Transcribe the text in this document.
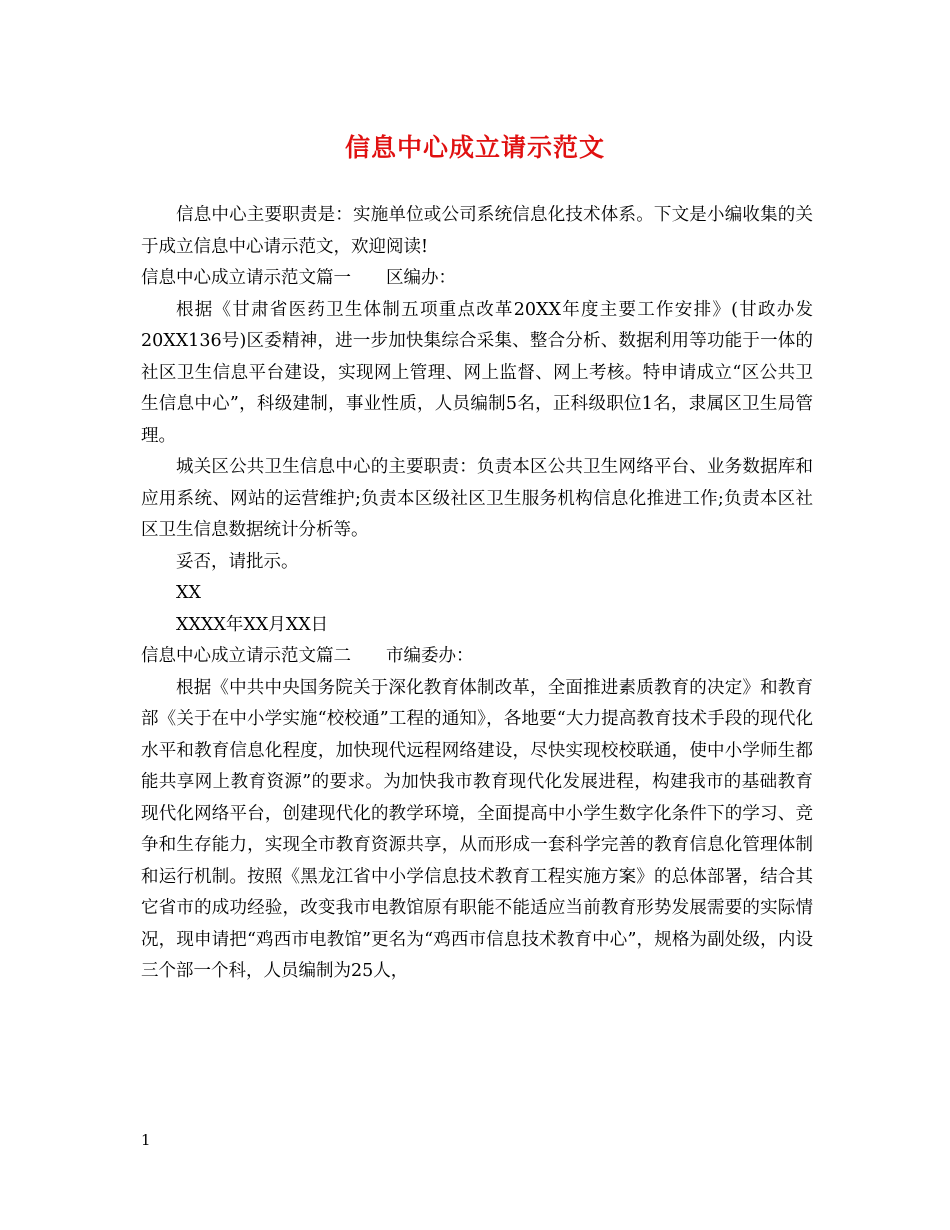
信息中心成立请示范文

信息中心主要职责是：实施单位或公司系统信息化技术体系。下文是小编收集的关于成立信息中心请示范文，欢迎阅读!

信息中心成立请示范文篇一　　区编办：

根据《甘肃省医药卫生体制五项重点改革20XX年度主要工作安排》(甘政办发20XX136号)区委精神，进一步加快集综合采集、整合分析、数据利用等功能于一体的社区卫生信息平台建设，实现网上管理、网上监督、网上考核。特申请成立“区公共卫生信息中心”，科级建制，事业性质，人员编制5名，正科级职位1名，隶属区卫生局管理。

城关区公共卫生信息中心的主要职责：负责本区公共卫生网络平台、业务数据库和应用系统、网站的运营维护;负责本区级社区卫生服务机构信息化推进工作;负责本区社区卫生信息数据统计分析等。

妥否，请批示。

XX

XXXX年XX月XX日

信息中心成立请示范文篇二　　市编委办：

根据《中共中央国务院关于深化教育体制改革，全面推进素质教育的决定》和教育部《关于在中小学实施“校校通”工程的通知》，各地要“大力提高教育技术手段的现代化水平和教育信息化程度，加快现代远程网络建设，尽快实现校校联通，使中小学师生都能共享网上教育资源”的要求。为加快我市教育现代化发展进程，构建我市的基础教育现代化网络平台，创建现代化的教学环境，全面提高中小学生数字化条件下的学习、竞争和生存能力，实现全市教育资源共享，从而形成一套科学完善的教育信息化管理体制和运行机制。按照《黑龙江省中小学信息技术教育工程实施方案》的总体部署，结合其它省市的成功经验，改变我市电教馆原有职能不能适应当前教育形势发展需要的实际情况，现申请把“鸡西市电教馆”更名为“鸡西市信息技术教育中心”，规格为副处级，内设三个部一个科，人员编制为25人，

1
